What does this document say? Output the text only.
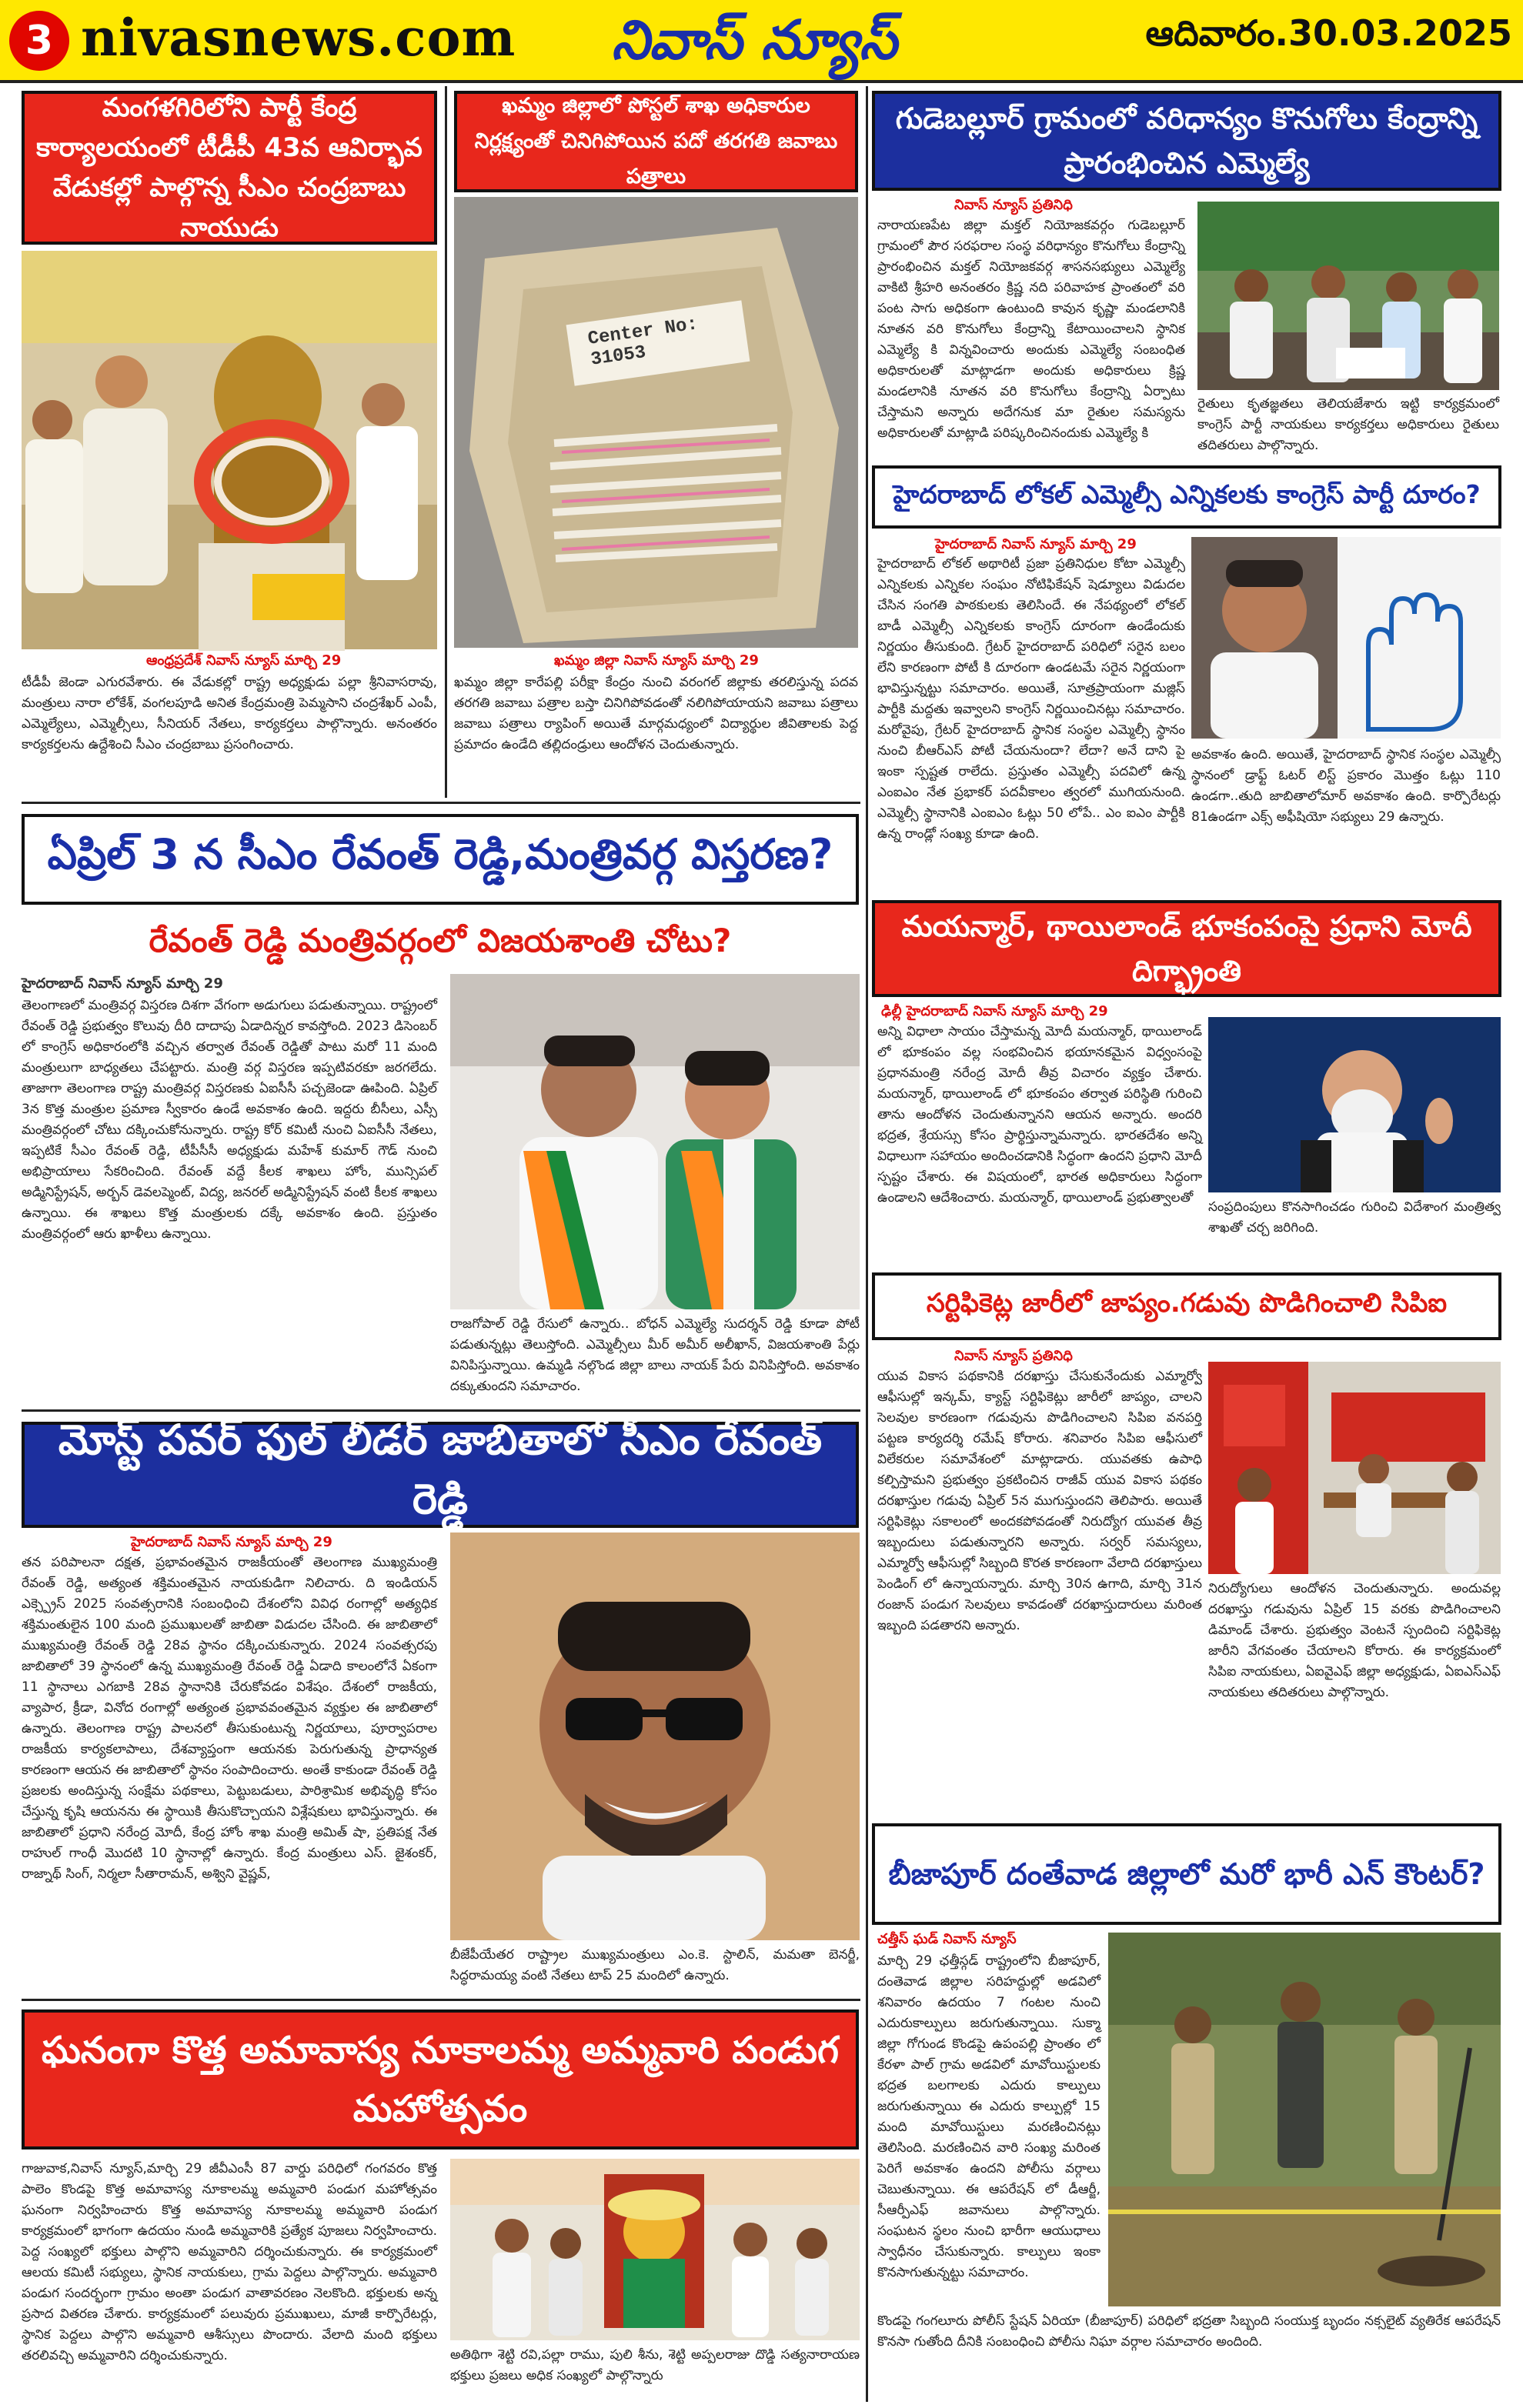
3 nivasnews.com	నివాస్ న్యూస్	ఆదివారం.30.03.2025
మంగళగిరిలోని పార్టీ కేంద్ర కార్యాలయంలో టీడీపీ 43వ ఆవిర్భావ వేడుకల్లో పాల్గొన్న సీఎం చంద్రబాబు నాయుడు
ఆంధ్రప్రదేశ్ నివాస్ న్యూస్ మార్చి 29
టీడీపీ జెండా ఎగురవేశారు. ఈ వేడుకల్లో రాష్ట్ర అధ్యక్షుడు పల్లా శ్రీనివాసరావు, మంత్రులు నారా లోకేశ్, వంగలపూడి అనిత కేంద్రమంత్రి పెమ్మసాని చంద్రశేఖర్ ఎంపీ, ఎమ్మెల్యేలు, ఎమ్మెల్సీలు, సీనియర్ నేతలు, కార్యకర్తలు పాల్గొన్నారు. అనంతరం కార్యకర్తలను ఉద్దేశించి సీఎం చంద్రబాబు ప్రసంగించారు.
ఖమ్మం జిల్లాలో పోస్టల్ శాఖ అధికారుల నిర్లక్ష్యంతో చినిగిపోయిన పదో తరగతి జవాబు పత్రాలు
Center No: 31053
ఖమ్మం జిల్లా నివాస్ న్యూస్ మార్చి 29
ఖమ్మం జిల్లా కారేపల్లి పరీక్షా కేంద్రం నుంచి వరంగల్ జిల్లాకు తరలిస్తున్న పదవ తరగతి జవాబు పత్రాల బస్తా చినిగిపోవడంతో నలిగిపోయాయని జవాబు పత్రాలు జవాబు పత్రాలు ర్యాపింగ్ అయితే మార్గమధ్యంలో విద్యార్థుల జీవితాలకు పెద్ద ప్రమాదం ఉండేది తల్లిదండ్రులు ఆందోళన చెందుతున్నారు.
గుడెబల్లూర్ గ్రామంలో వరిధాన్యం కొనుగోలు కేంద్రాన్ని ప్రారంభించిన ఎమ్మెల్యే
నివాస్ న్యూస్ ప్రతినిధి
నారాయణపేట జిల్లా మక్తల్ నియోజకవర్గం గుడెబల్లూర్ గ్రామంలో పౌర సరఫరాల సంస్థ వరిధాన్యం కొనుగోలు కేంద్రాన్ని ప్రారంభించిన మక్తల్ నియోజకవర్గ శాసనసభ్యులు ఎమ్మెల్యే వాకిటి శ్రీహరి అనంతరం క్రిష్ణ నది పరివాహక ప్రాంతంలో వరి పంట సాగు అధికంగా ఉంటుంది కావున కృష్ణా మండలానికి నూతన వరి కొనుగోలు కేంద్రాన్ని కేటాయించాలని స్థానిక ఎమ్మెల్యే కి విన్నవించారు అందుకు ఎమ్మెల్యే సంబంధిత అధికారులతో మాట్లాడగా అందుకు అధికారులు క్రిష్ణ మండలానికి నూతన వరి కొనుగోలు కేంద్రాన్ని ఏర్పాటు చేస్తామని అన్నారు అదేగనుక మా రైతుల సమస్యను అధికారులతో మాట్లాడి పరిష్కరించినందుకు ఎమ్మెల్యే కి
రైతులు కృతజ్ఞతలు తెలియజేశారు ఇట్టి కార్యక్రమంలో కాంగ్రెస్ పార్టీ నాయకులు కార్యకర్తలు అధికారులు రైతులు తదితరులు పాల్గొన్నారు.
హైదరాబాద్ లోకల్ ఎమ్మెల్సీ ఎన్నికలకు కాంగ్రెస్ పార్టీ దూరం?
హైదరాబాద్ నివాస్ న్యూస్ మార్చి 29
హైదరాబాద్ లోకల్ అథారిటీ ప్రజా ప్రతినిధుల కోటా ఎమ్మెల్సీ ఎన్నికలకు ఎన్నికల సంఘం నోటిఫికేషన్ షెడ్యూలు విడుదల చేసిన సంగతి పాఠకులకు తెలిసిందే. ఈ నేపథ్యంలో లోకల్ బాడీ ఎమ్మెల్సీ ఎన్నికలకు కాంగ్రెస్ దూరంగా ఉండేందుకు నిర్ణయం తీసుకుంది. గ్రేటర్ హైదరాబాద్ పరిధిలో సరైన బలం లేని కారణంగా పోటీ కి దూరంగా ఉండటమే సరైన నిర్ణయంగా భావిస్తున్నట్టు సమాచారం. అయితే, సూత్రప్రాయంగా మజ్లిస్ పార్టీకి మద్దతు ఇవ్వాలని కాంగ్రెస్ నిర్ణయించినట్లు సమాచారం. మరోవైపు, గ్రేటర్ హైదరాబాద్ స్థానిక సంస్థల ఎమ్మెల్సీ స్థానం నుంచి బీఆర్ఎస్ పోటీ చేయనుందా? లేదా? అనే దాని పై ఇంకా స్పష్టత రాలేదు. ప్రస్తుతం ఎమ్మెల్సీ పదవిలో ఉన్న ఎంఐఎం నేత ప్రభాకర్ పదవీకాలం త్వరలో ముగియనుంది. ఎమ్మెల్సీ స్థానానికి ఎంఐఎం ఓట్లు 50 లోపే.. ఎం ఐఎం పార్టీకి ఉన్న రాండ్లో సంఖ్య కూడా ఉంది.
అవకాశం ఉంది. అయితే, హైదరాబాద్ స్థానిక సంస్థల ఎమ్మెల్సీ స్థానంలో డ్రాఫ్ట్ ఓటర్ లిస్ట్ ప్రకారం మొత్తం ఓట్లు 110 ఉండగా..తుది జాబితాలోమార్ అవకాశం ఉంది. కార్పొరేటర్లు 81ఉండగా ఎక్స్ అఫీషియో సభ్యులు 29 ఉన్నారు.
ఏప్రిల్ 3 న సీఎం రేవంత్ రెడ్డి,మంత్రివర్గ విస్తరణ?
రేవంత్ రెడ్డి మంత్రివర్గంలో విజయశాంతి చోటు?
హైదరాబాద్ నివాస్ న్యూస్ మార్చి 29
తెలంగాణలో మంత్రివర్గ విస్తరణ దిశగా వేగంగా అడుగులు పడుతున్నాయి. రాష్ట్రంలో రేవంత్ రెడ్డి ప్రభుత్వం కొలువు దీరి దాదాపు ఏడాదిన్నర కావస్తోంది. 2023 డిసెంబర్ లో కాంగ్రెస్ అధికారంలోకి వచ్చిన తర్వాత రేవంత్ రెడ్డితో పాటు మరో 11 మంది మంత్రులుగా బాధ్యతలు చేపట్టారు. మంత్రి వర్గ విస్తరణ ఇప్పటివరకూ జరగలేదు. తాజాగా తెలంగాణ రాష్ట్ర మంత్రివర్గ విస్తరణకు ఏఐసీసీ పచ్చజెండా ఊపింది. ఏప్రిల్ 3న కొత్త మంత్రుల ప్రమాణ స్వీకారం ఉండే అవకాశం ఉంది. ఇద్దరు బీసీలు, ఎస్సీ మంత్రివర్గంలో చోటు దక్కించుకోనున్నారు. రాష్ట్ర కోర్ కమిటీ నుంచి ఏఐసీసీ నేతలు, ఇప్పటికే సీఎం రేవంత్ రెడ్డి, టీపీసీసీ అధ్యక్షుడు మహేశ్ కుమార్ గౌడ్ నుంచి అభిప్రాయాలు సేకరించింది. రేవంత్ వద్దే కీలక శాఖలు హోం, మున్సిపల్ అడ్మినిస్ట్రేషన్, అర్బన్ డెవలప్మెంట్, విద్య, జనరల్ అడ్మినిస్ట్రేషన్ వంటి కీలక శాఖలు ఉన్నాయి. ఈ శాఖలు కొత్త మంత్రులకు దక్కే అవకాశం ఉంది. ప్రస్తుతం మంత్రివర్గంలో ఆరు ఖాళీలు ఉన్నాయి.
రాజగోపాల్ రెడ్డి రేసులో ఉన్నారు.. బోధన్ ఎమ్మెల్యే సుదర్శన్ రెడ్డి కూడా పోటీ పడుతున్నట్లు తెలుస్తోంది. ఎమ్మెల్సీలు మీర్ అమీర్ అలీఖాన్, విజయశాంతి పేర్లు వినిపిస్తున్నాయి. ఉమ్మడి నల్గొండ జిల్లా బాలు నాయక్ పేరు వినిపిస్తోంది. అవకాశం దక్కుతుందని సమాచారం.
మయన్మార్, థాయిలాండ్ భూకంపంపై ప్రధాని మోదీ దిగ్భ్రాంతి
ఢిల్లీ హైదరాబాద్ నివాస్ న్యూస్ మార్చి 29
అన్ని విధాలా సాయం చేస్తామన్న మోదీ మయన్మార్, థాయిలాండ్ లో భూకంపం వల్ల సంభవించిన భయానకమైన విధ్వంసంపై ప్రధానమంత్రి నరేంద్ర మోదీ తీవ్ర విచారం వ్యక్తం చేశారు. మయన్మార్, థాయిలాండ్ లో భూకంపం తర్వాత పరిస్థితి గురించి తాను ఆందోళన చెందుతున్నానని ఆయన అన్నారు. అందరి భద్రత, శ్రేయస్సు కోసం ప్రార్థిస్తున్నామన్నారు. భారతదేశం అన్ని విధాలుగా సహాయం అందించడానికి సిద్ధంగా ఉందని ప్రధాని మోదీ స్పష్టం చేశారు. ఈ విషయంలో, భారత అధికారులు సిద్ధంగా ఉండాలని ఆదేశించారు. మయన్మార్, థాయిలాండ్ ప్రభుత్వాలతో
సంప్రదింపులు కొనసాగించడం గురించి విదేశాంగ మంత్రిత్వ శాఖతో చర్చ జరిగింది.
సర్టిఫికెట్ల జారీలో జాప్యం.గడువు పొడిగించాలి సిపిఐ
నివాస్ న్యూస్ ప్రతినిధి
యువ వికాస పథకానికి దరఖాస్తు చేసుకునేందుకు ఎమ్మార్వో ఆఫీసుల్లో ఇన్కమ్, క్యాస్ట్ సర్టిఫికెట్లు జారీలో జాప్యం, చాలని సెలవుల కారణంగా గడువును పొడిగించాలని సిపిఐ వనపర్తి పట్టణ కార్యదర్శి రమేష్ కోరారు. శనివారం సిపిఐ ఆఫీసులో విలేకరుల సమావేశంలో మాట్లాడారు. యువతకు ఉపాధి కల్పిస్తామని ప్రభుత్వం ప్రకటించిన రాజీవ్ యువ వికాస పథకం దరఖాస్తుల గడువు ఏప్రిల్ 5న ముగుస్తుందని తెలిపారు. అయితే సర్టిఫికెట్లు సకాలంలో అందకపోవడంతో నిరుద్యోగ యువత తీవ్ర ఇబ్బందులు పడుతున్నారని అన్నారు. సర్వర్ సమస్యలు, ఎమ్మార్వో ఆఫీసుల్లో సిబ్బంది కొరత కారణంగా వేలాది దరఖాస్తులు పెండింగ్ లో ఉన్నాయన్నారు. మార్చి 30న ఉగాది, మార్చి 31న రంజాన్ పండుగ సెలవులు కావడంతో దరఖాస్తుదారులు మరింత ఇబ్బంది పడతారని అన్నారు.
నిరుద్యోగులు ఆందోళన చెందుతున్నారు. అందువల్ల దరఖాస్తు గడువును ఏప్రిల్ 15 వరకు పొడిగించాలని డిమాండ్ చేశారు. ప్రభుత్వం వెంటనే స్పందించి సర్టిఫికెట్ల జారీని వేగవంతం చేయాలని కోరారు. ఈ కార్యక్రమంలో సిపిఐ నాయకులు, ఏఐవైఎఫ్ జిల్లా అధ్యక్షుడు, ఏఐఎస్ఎఫ్ నాయకులు తదితరులు పాల్గొన్నారు.
మోస్ట్ పవర్ ఫుల్ లీడర్ జాబితాలో సీఎం రేవంత్ రెడ్డి
హైదరాబాద్ నివాస్ న్యూస్ మార్చి 29
తన పరిపాలనా దక్షత, ప్రభావంతమైన రాజకీయంతో తెలంగాణ ముఖ్యమంత్రి రేవంత్ రెడ్డి, అత్యంత శక్తిమంతమైన నాయకుడిగా నిలిచారు. ది ఇండియన్ ఎక్స్ప్రెస్ 2025 సంవత్సరానికి సంబంధించి దేశంలోని వివిధ రంగాల్లో అత్యధిక శక్తిమంతులైన 100 మంది ప్రముఖులతో జాబితా విడుదల చేసింది. ఈ జాబితాలో ముఖ్యమంత్రి రేవంత్ రెడ్డి 28వ స్థానం దక్కించుకున్నారు. 2024 సంవత్సరపు జాబితాలో 39 స్థానంలో ఉన్న ముఖ్యమంత్రి రేవంత్ రెడ్డి ఏడాది కాలంలోనే ఏకంగా 11 స్థానాలు ఎగబాకి 28వ స్థానానికి చేరుకోవడం విశేషం. దేశంలో రాజకీయ, వ్యాపార, క్రీడా, వినోద రంగాల్లో అత్యంత ప్రభావవంతమైన వ్యక్తుల ఈ జాబితాలో ఉన్నారు. తెలంగాణ రాష్ట్ర పాలనలో తీసుకుంటున్న నిర్ణయాలు, పూర్వాపరాల రాజకీయ కార్యకలాపాలు, దేశవ్యాప్తంగా ఆయనకు పెరుగుతున్న ప్రాధాన్యత కారణంగా ఆయన ఈ జాబితాలో స్థానం సంపాదించారు. అంతే కాకుండా రేవంత్ రెడ్డి ప్రజలకు అందిస్తున్న సంక్షేమ పథకాలు, పెట్టుబడులు, పారిశ్రామిక అభివృద్ధి కోసం చేస్తున్న కృషి ఆయనను ఈ స్థాయికి తీసుకొచ్చాయని విశ్లేషకులు భావిస్తున్నారు. ఈ జాబితాలో ప్రధాని నరేంద్ర మోదీ, కేంద్ర హోం శాఖ మంత్రి అమిత్ షా, ప్రతిపక్ష నేత రాహుల్ గాంధీ మొదటి 10 స్థానాల్లో ఉన్నారు. కేంద్ర మంత్రులు ఎస్. జైశంకర్, రాజ్నాథ్ సింగ్, నిర్మలా సీతారామన్, అశ్విని వైష్ణవ్,
బీజేపీయేతర రాష్ట్రాల ముఖ్యమంత్రులు ఎం.కె. స్టాలిన్, మమతా బెనర్జీ, సిద్ధరామయ్య వంటి నేతలు టాప్ 25 మందిలో ఉన్నారు.
బీజాపూర్ దంతేవాడ జిల్లాలో మరో భారీ ఎన్ కౌంటర్?
చత్తీస్ ఘడ్ నివాస్ న్యూస్
మార్చి 29 ఛత్తీస్గడ్ రాష్ట్రంలోని బీజాపూర్, దంతెవాడ జిల్లాల సరిహద్దుల్లో అడవిలో శనివారం ఉదయం 7 గంటల నుంచి ఎదురుకాల్పులు జరుగుతున్నాయి. సుక్మా జిల్లా గోగుండ కొండపై ఉపంపల్లి ప్రాంతం లో కేరళా పాల్ గ్రామ అడవిలో మావోయిస్టులకు భద్రత బలగాలకు ఎదురు కాల్పులు జరుగుతున్నాయి ఈ ఎదురు కాల్పుల్లో 15 మంది మావోయిస్టులు మరణించినట్లు తెలిసింది. మరణించిన వారి సంఖ్య మరింత పెరిగే అవకాశం ఉందని పోలీసు వర్గాలు చెబుతున్నాయి. ఈ ఆపరేషన్ లో డీఆర్జీ, సీఆర్పీఎఫ్ జవానులు పాల్గొన్నారు. సంఘటన స్థలం నుంచి భారీగా ఆయుధాలు స్వాధీనం చేసుకున్నారు. కాల్పులు ఇంకా కొనసాగుతున్నట్టు సమాచారం.
కొండపై గంగలూరు పోలీస్ స్టేషన్ ఏరియా (బీజాపూర్) పరిధిలో భద్రతా సిబ్బంది సంయుక్త బృందం నక్సలైట్ వ్యతిరేక ఆపరేషన్ కొనసా గుతోంది దీనికి సంబంధించి పోలీసు నిఘా వర్గాల సమాచారం అందింది.
ఘనంగా కొత్త అమావాస్య నూకాలమ్మ అమ్మవారి పండుగ మహోత్సవం
గాజువాక,నివాస్ న్యూస్,మార్చి 29 జీవీఎంసీ 87 వార్డు పరిధిలో గంగవరం కొత్త పాలెం కొండపై కొత్త అమావాస్య నూకాలమ్మ అమ్మవారి పండుగ మహోత్సవం ఘనంగా నిర్వహించారు కొత్త అమావాస్య నూకాలమ్మ అమ్మవారి పండుగ కార్యక్రమంలో భాగంగా ఉదయం నుండి అమ్మవారికి ప్రత్యేక పూజలు నిర్వహించారు. పెద్ద సంఖ్యలో భక్తులు పాల్గొని అమ్మవారిని దర్శించుకున్నారు. ఈ కార్యక్రమంలో ఆలయ కమిటీ సభ్యులు, స్థానిక నాయకులు, గ్రామ పెద్దలు పాల్గొన్నారు. అమ్మవారి పండుగ సందర్భంగా గ్రామం అంతా పండుగ వాతావరణం నెలకొంది. భక్తులకు అన్న ప్రసాద వితరణ చేశారు. కార్యక్రమంలో పలువురు ప్రముఖులు, మాజీ కార్పొరేటర్లు, స్థానిక పెద్దలు పాల్గొని అమ్మవారి ఆశీస్సులు పొందారు. వేలాది మంది భక్తులు తరలివచ్చి అమ్మవారిని దర్శించుకున్నారు.	అతిథిగా శెట్టి రవి,పల్లా రాము, పులి శీను, శెట్టి అప్పలరాజు దొడ్డి సత్యనారాయణ భక్తులు ప్రజలు అధిక సంఖ్యలో పాల్గొన్నారు
